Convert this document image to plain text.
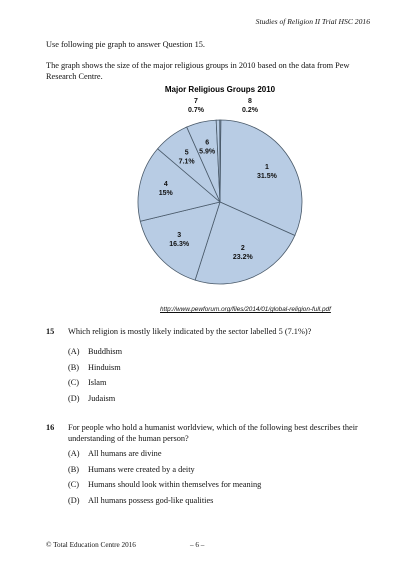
Studies of Religion II Trial HSC 2016
Use following pie graph to answer Question 15.
The graph shows the size of the major religious groups in 2010 based on the data from Pew Research Centre.
Major Religious Groups 2010
1
31.5%
2
23.2%
3
16.3%
4
15%
5
7.1%
6
5.9%
7
0.7%
8
0.2%
http://www.pewforum.org/files/2014/01/global-religion-full.pdf
15 Which religion is mostly likely indicated by the sector labelled 5 (7.1%)?
(A) Buddhism
(B) Hinduism
(C) Islam
(D) Judaism
16 For people who hold a humanist worldview, which of the following best describes their understanding of the human person?
(A) All humans are divine
(B) Humans were created by a deity
(C) Humans should look within themselves for meaning
(D) All humans possess god-like qualities
© Total Education Centre 2016	– 6 –
